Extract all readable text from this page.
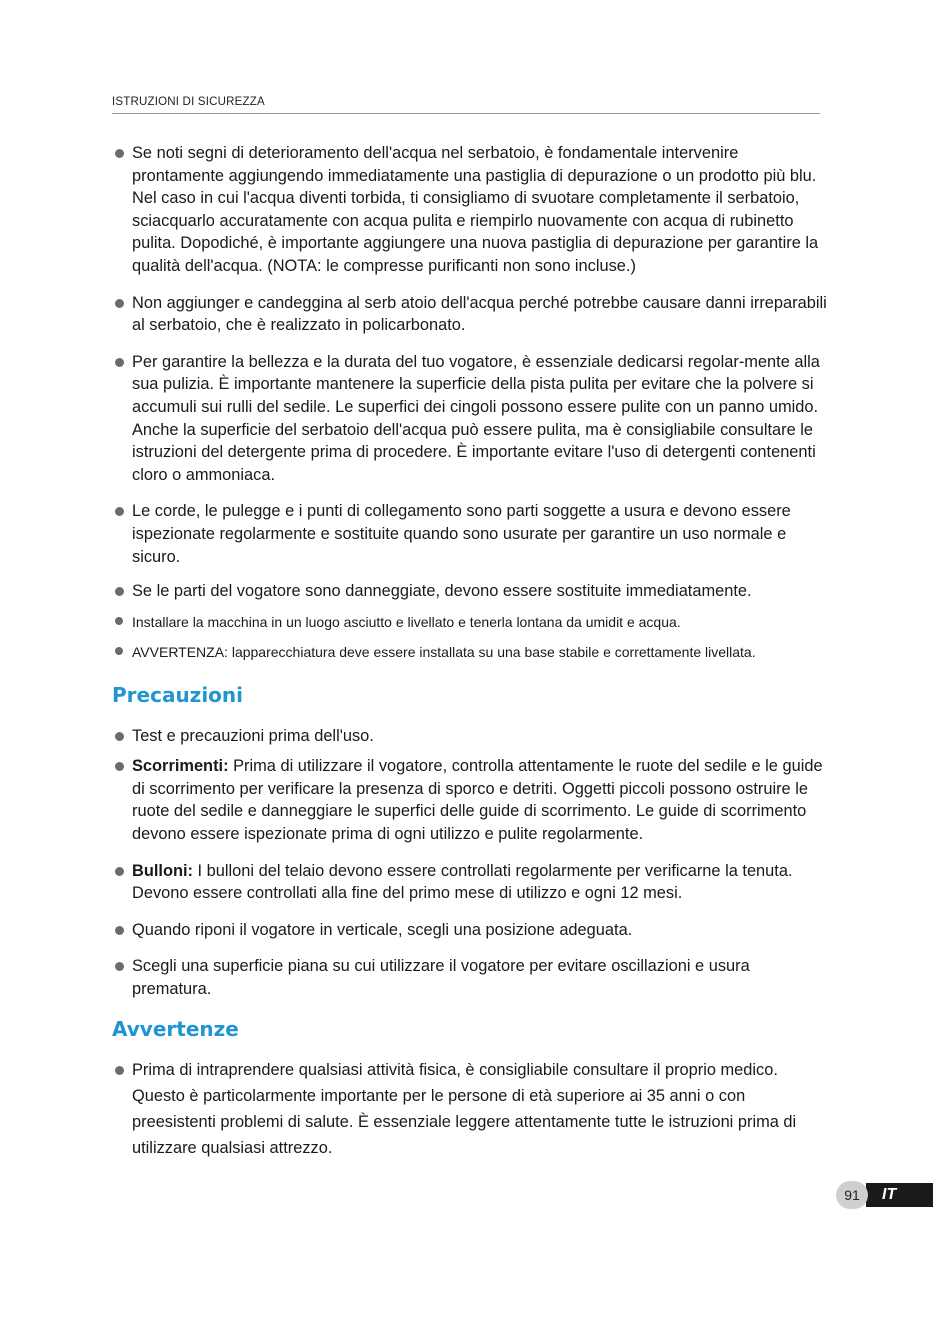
ISTRUZIONI DI SICUREZZA
Se noti segni di deterioramento dell'acqua nel serbatoio, è fondamentale intervenire prontamente aggiungendo immediatamente una pastiglia di depurazione o un prodotto più blu. Nel caso in cui l'acqua diventi torbida, ti consigliamo di svuotare completamente il serbatoio, sciacquarlo accuratamente con acqua pulita e riempirlo nuovamente con acqua di rubinetto pulita. Dopodiché, è importante aggiungere una nuova pastiglia di depurazione per garantire la qualità dell'acqua. (NOTA: le compresse purificanti non sono incluse.)
Non aggiunger e candeggina al serb atoio dell'acqua perché potrebbe causare danni irreparabili al serbatoio, che è realizzato in policarbonato.
Per garantire la bellezza e la durata del tuo vogatore, è essenziale dedicarsi regolar-mente alla sua pulizia. È importante mantenere la superficie della pista pulita per evitare che la polvere si accumuli sui rulli del sedile. Le superfici dei cingoli possono essere pulite con un panno umido. Anche la superficie del serbatoio dell'acqua può essere pulita, ma è consigliabile consultare le istruzioni del detergente prima di procedere. È importante evitare l'uso di detergenti contenenti cloro o ammoniaca.
Le corde, le pulegge e i punti di collegamento sono parti soggette a usura e devono essere ispezionate regolarmente e sostituite quando sono usurate per garantire un uso normale e sicuro.
Se le parti del vogatore sono danneggiate, devono essere sostituite immediatamente.
Installare la macchina in un luogo asciutto e livellato e tenerla lontana da umidit e acqua.
AVVERTENZA: lapparecchiatura deve essere installata su una base stabile e correttamente livellata.
Precauzioni
Test e precauzioni prima dell'uso.
Scorrimenti: Prima di utilizzare il vogatore, controlla attentamente le ruote del sedile e le guide di scorrimento per verificare la presenza di sporco e detriti. Oggetti piccoli possono ostruire le ruote del sedile e danneggiare le superfici delle guide di scorrimento. Le guide di scorrimento devono essere ispezionate prima di ogni utilizzo e pulite regolarmente.
Bulloni: I bulloni del telaio devono essere controllati regolarmente per verificarne la tenuta. Devono essere controllati alla fine del primo mese di utilizzo e ogni 12 mesi.
Quando riponi il vogatore in verticale, scegli una posizione adeguata.
Scegli una superficie piana su cui utilizzare il vogatore per evitare oscillazioni e usura prematura.
Avvertenze
Prima di intraprendere qualsiasi attività fisica, è consigliabile consultare il proprio medico. Questo è particolarmente importante per le persone di età superiore ai 35 anni o con preesistenti problemi di salute. È essenziale leggere attentamente tutte le istruzioni prima di utilizzare qualsiasi attrezzo.
IT
91
